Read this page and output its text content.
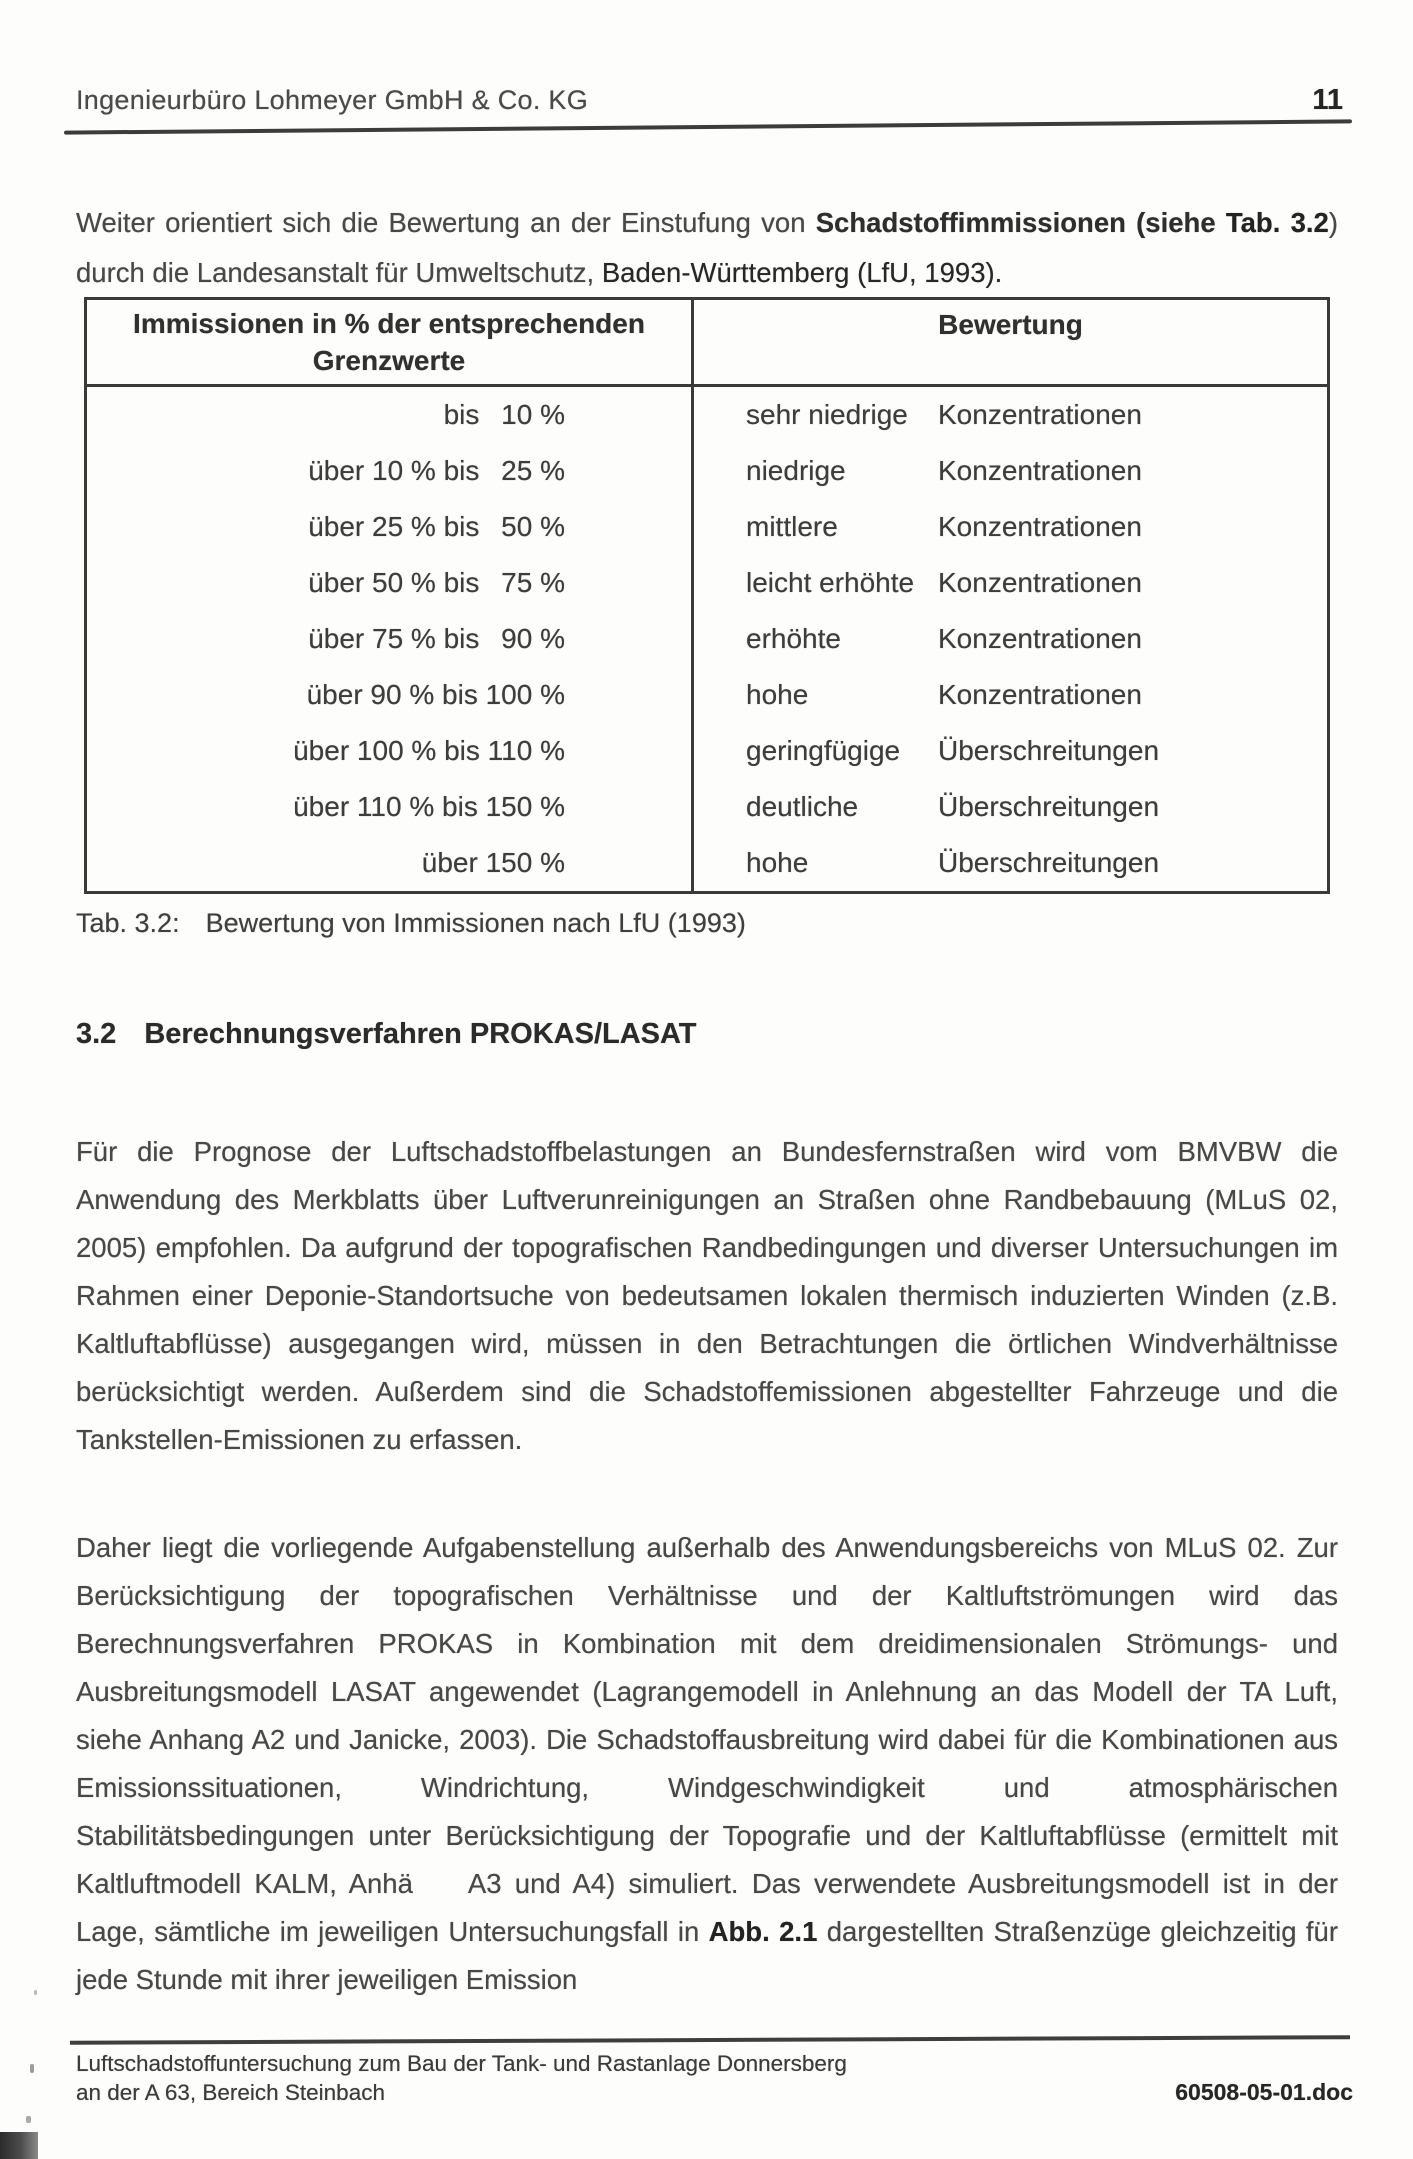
Ingenieurbüro Lohmeyer GmbH & Co. KG	11

Weiter orientiert sich die Bewertung an der Einstufung von Schadstoffimmissionen (siehe Tab. 3.2) durch die Landesanstalt für Umweltschutz, Baden-Württemberg (LfU, 1993).

Immissionen in % der entsprechenden Grenzwerte
Bewertung
bis  10 %	sehr niedrige	Konzentrationen
über 10 % bis  25 %	niedrige	Konzentrationen
über 25 % bis  50 %	mittlere	Konzentrationen
über 50 % bis  75 %	leicht erhöhte Konzentrationen
über 75 % bis  90 %	erhöhte	Konzentrationen
über 90 % bis 100 %	hohe	Konzentrationen
über 100 % bis 110 %	geringfügige	Überschreitungen
über 110 % bis 150 %	deutliche	Überschreitungen
über 150 %	hohe	Überschreitungen
Tab. 3.2: Bewertung von Immissionen nach LfU (1993)
3.2 Berechnungsverfahren PROKAS/LASAT

Für die Prognose der Luftschadstoffbelastungen an Bundesfernstraßen wird vom BMVBW die Anwendung des Merkblatts über Luftverunreinigungen an Straßen ohne Randbebauung (MLuS 02, 2005) empfohlen. Da aufgrund der topografischen Randbedingungen und diverser Untersuchungen im Rahmen einer Deponie-Standortsuche von bedeutsamen lokalen thermisch induzierten Winden (z.B. Kaltluftabflüsse) ausgegangen wird, müssen in den Betrachtungen die örtlichen Windverhältnisse berücksichtigt werden. Außerdem sind die Schadstoffemissionen abgestellter Fahrzeuge und die Tankstellen-Emissionen zu erfassen.

Daher liegt die vorliegende Aufgabenstellung außerhalb des Anwendungsbereichs von MLuS 02. Zur Berücksichtigung der topografischen Verhältnisse und der Kaltluftströmungen wird das Berechnungsverfahren PROKAS in Kombination mit dem dreidimensionalen Strömungs- und Ausbreitungsmodell LASAT angewendet (Lagrangemodell in Anlehnung an das Modell der TA Luft, siehe Anhang A2 und Janicke, 2003). Die Schadstoffausbreitung wird dabei für die Kombinationen aus Emissionssituationen, Windrichtung, Windgeschwindigkeit und atmosphärischen Stabilitätsbedingungen unter Berücksichtigung der Topografie und der Kaltluftabflüsse (ermittelt mit Kaltluftmodell KALM, Anhä    A3 und A4) simuliert. Das verwendete Ausbreitungsmodell ist in der Lage, sämtliche im jeweiligen Untersuchungsfall in Abb. 2.1 dargestellten Straßenzüge gleichzeitig für jede Stunde mit ihrer jeweiligen Emission

Luftschadstoffuntersuchung zum Bau der Tank- und Rastanlage Donnersberg
an der A 63, Bereich Steinbach	60508-05-01.doc
